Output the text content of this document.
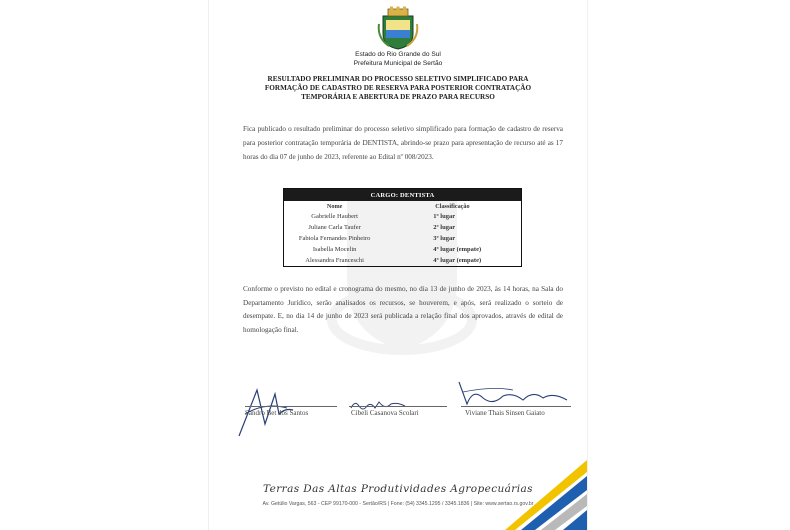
Estado do Rio Grande do Sul
Prefeitura Municipal de Sertão
RESULTADO PRELIMINAR DO PROCESSO SELETIVO SIMPLIFICADO PARA FORMAÇÃO DE CADASTRO DE RESERVA PARA POSTERIOR CONTRATAÇÃO TEMPORÁRIA E ABERTURA DE PRAZO PARA RECURSO
Fica publicado o resultado preliminar do processo seletivo simplificado para formação de cadastro de reserva para posterior contratação temporária de DENTISTA, abrindo-se prazo para apresentação de recurso até as 17 horas do dia 07 de junho de 2023, referente ao Edital nº 008/2023.
CARGO: DENTISTA	
Nome	Classificação
Gabrielle Haubert	1º lugar
Juliane Carla Taufer	2º lugar
Fabiola Fernandes Pinheiro	3º lugar
Isabella Mocelin	4º lugar (empate)
Alessandra Franceschi	4º lugar (empate)
Conforme o previsto no edital e cronograma do mesmo, no dia 13 de junho de 2023, às 14 horas, na Sala do Departamento Jurídico, serão analisados os recursos, se houverem, e após, será realizado o sorteio de desempate. E, no dia 14 de junho de 2023 será publicada a relação final dos aprovados, através de edital de homologação final.
Sandro Bet dos Santos	Cibeli Casanova Scolari	Viviane Thais Sinsen Gaiato
Terras Das Altas Produtividades Agropecuárias
Av. Getúlio Vargas, 563 - CEP 99170-000 - Sertão/RS | Fone: (54) 3345.1295 / 3345.1836 | Site: www.sertao.rs.gov.br
